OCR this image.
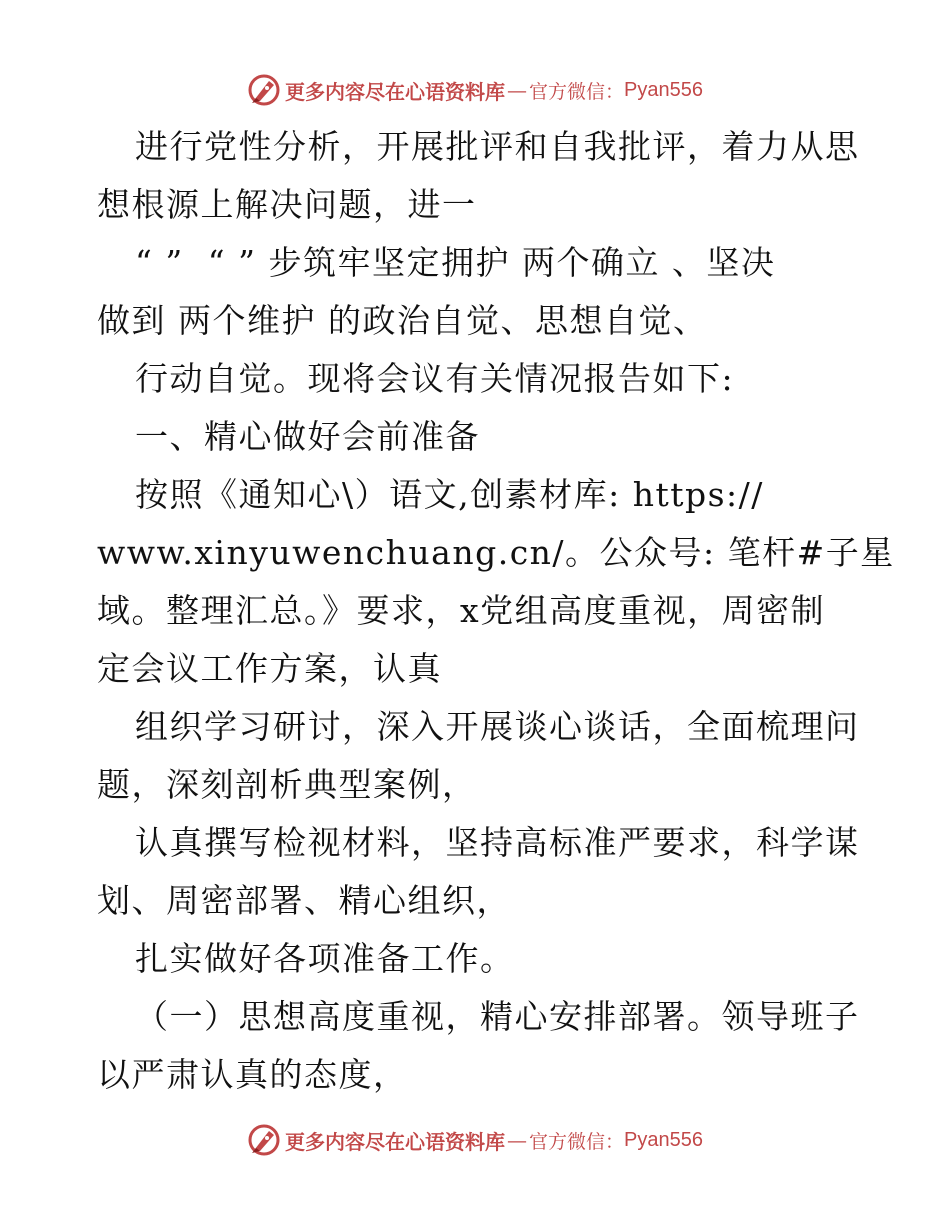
更多内容尽在心语资料库 — 官方微信： Pyan556
进行党性分析，开展批评和自我批评，着力从思
想根源上解决问题，进一
“ ”  “ ” 步筑牢坚定拥护 两个确立 、坚决
做到 两个维护 的政治自觉、思想自觉、
行动自觉。现将会议有关情况报告如下:
一、精心做好会前准备
按照《通知心\）语文,创素材库: https://
www.xinyuwenchuang.cn/。公众号: 笔杆#子星
域。整理汇总。》要求，x党组高度重视，周密制
定会议工作方案，认真
组织学习研讨，深入开展谈心谈话，全面梳理问
题，深刻剖析典型案例，
认真撰写检视材料，坚持高标准严要求，科学谋
划、周密部署、精心组织，
扎实做好各项准备工作。
（一）思想高度重视，精心安排部署。领导班子
以严肃认真的态度，
更多内容尽在心语资料库 — 官方微信： Pyan556
